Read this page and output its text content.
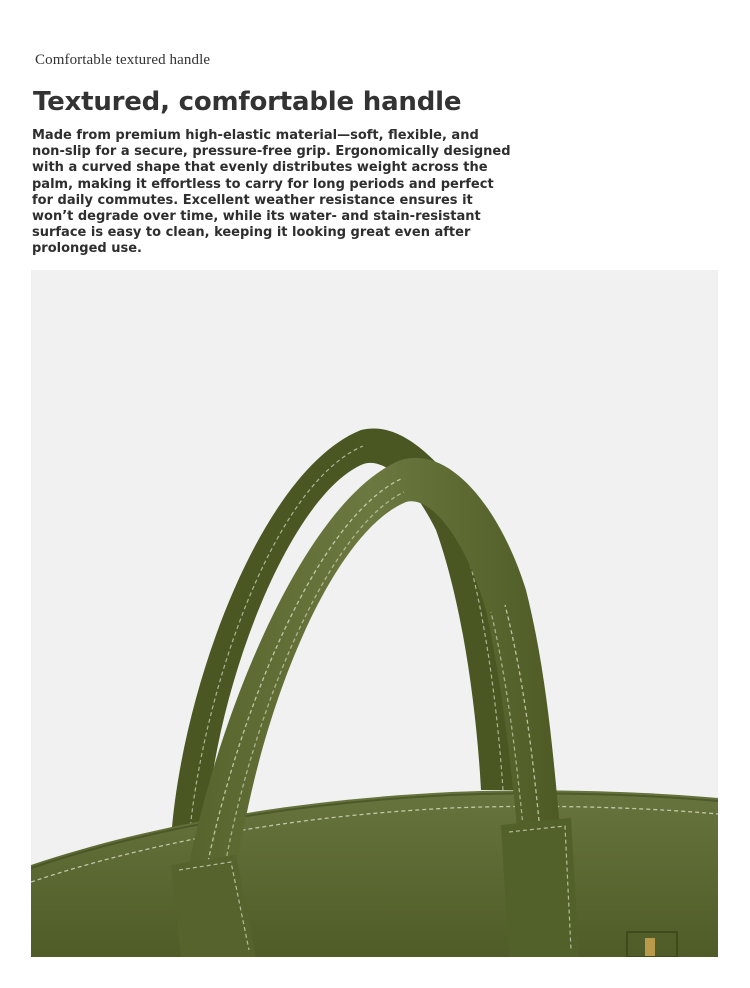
Comfortable textured handle
Textured, comfortable handle
Made from premium high-elastic material—soft, flexible, and non-slip for a secure, pressure-free grip. Ergonomically designed with a curved shape that evenly distributes weight across the palm, making it effortless to carry for long periods and perfect for daily commutes. Excellent weather resistance ensures it won’t degrade over time, while its water- and stain-resistant surface is easy to clean, keeping it looking great even after prolonged use.
